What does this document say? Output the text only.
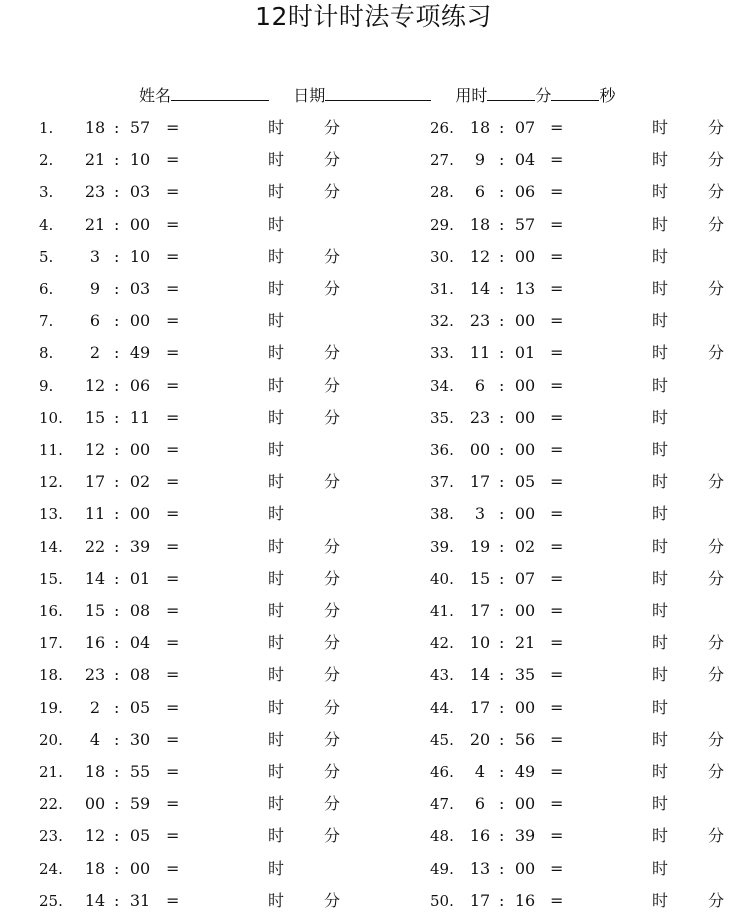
12时计时法专项练习
姓名	日期	用时	分	秒
1.	18 : 57 =	时 分
2.	21 : 10 =	时 分
3.	23 : 03 =	时 分
4.	21 : 00 =	时
5.	3 : 10 =	时 分
6.	9 : 03 =	时 分
7.	6 : 00 =	时
8.	2 : 49 =	时 分
9.	12 : 06 =	时 分
10.	15 : 11 =	时 分
11.	12 : 00 =	时
12.	17 : 02 =	时 分
13.	11 : 00 =	时
14.	22 : 39 =	时 分
15.	14 : 01 =	时 分
16.	15 : 08 =	时 分
17.	16 : 04 =	时 分
18.	23 : 08 =	时 分
19.	2 : 05 =	时 分
20.	4 : 30 =	时 分
21.	18 : 55 =	时 分
22.	00 : 59 =	时 分
23.	12 : 05 =	时 分
24.	18 : 00 =	时
25.	14 : 31 =	时 分
26. 18 : 07 =	时 分
27.	9 : 04 =	时 分
28.	6 : 06 =	时 分
29. 18 : 57 =	时 分
30. 12 : 00 =	时
31. 14 : 13 =	时 分
32. 23 : 00 =	时
33. 11 : 01 =	时 分
34.	6 : 00 =	时
35. 23 : 00 =	时
36. 00 : 00 =	时
37. 17 : 05 =	时 分
38.	3 : 00 =	时
39. 19 : 02 =	时 分
40. 15 : 07 =	时 分
41. 17 : 00 =	时
42. 10 : 21 =	时 分
43. 14 : 35 =	时 分
44. 17 : 00 =	时
45. 20 : 56 =	时 分
46.	4 : 49 =	时 分
47.	6 : 00 =	时
48. 16 : 39 =	时 分
49. 13 : 00 =	时
50. 17 : 16 =	时 分
